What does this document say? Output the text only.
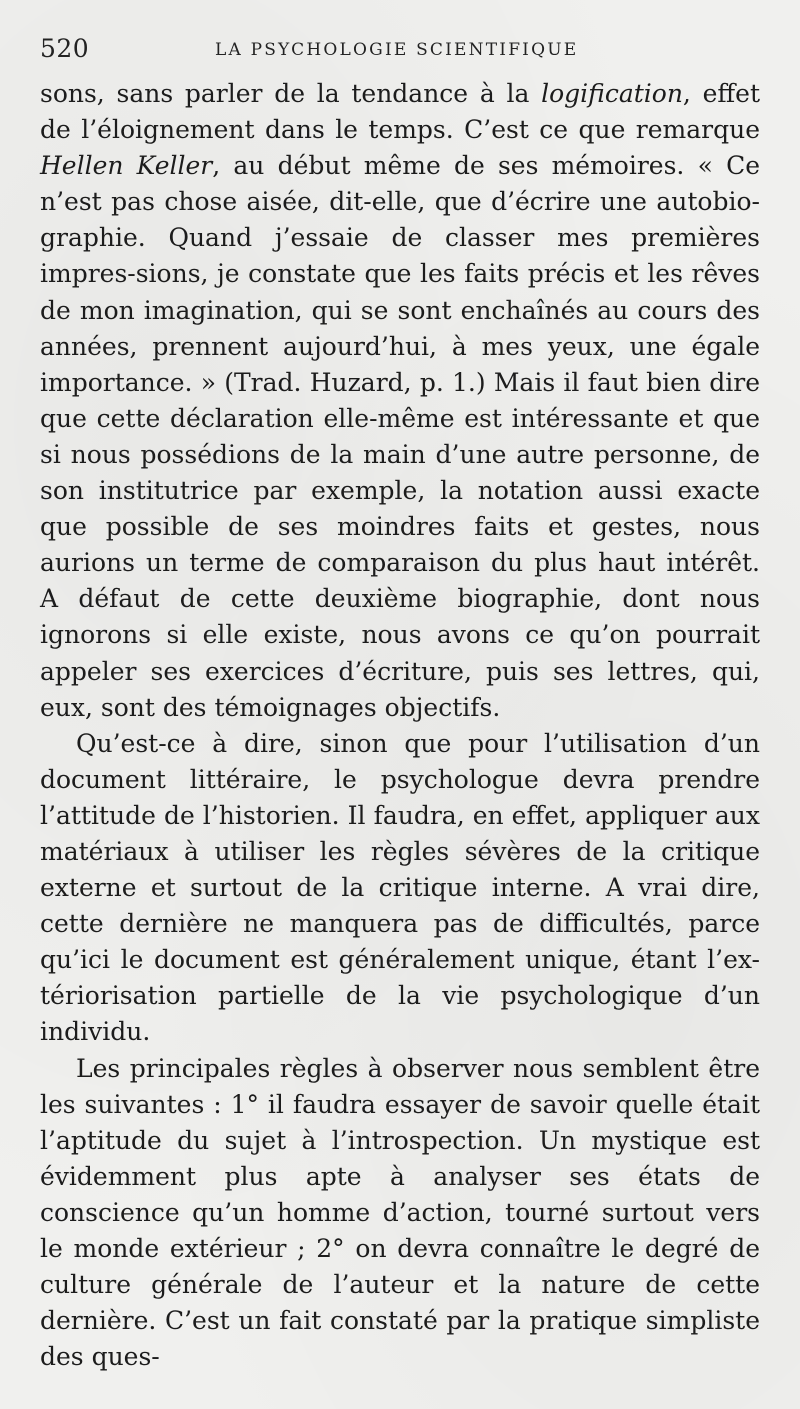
520	LA PSYCHOLOGIE SCIENTIFIQUE

sons, sans parler de la tendance à la logification, effet de l’éloignement dans le temps. C’est ce que remarque Hellen Keller, au début même de ses mémoires. « Ce n’est pas chose aisée, dit-elle, que d’écrire une autobio-graphie. Quand j’essaie de classer mes premières impres-sions, je constate que les faits précis et les rêves de mon imagination, qui se sont enchaînés au cours des années, prennent aujourd’hui, à mes yeux, une égale importance. » (Trad. Huzard, p. 1.) Mais il faut bien dire que cette déclaration elle-même est intéressante et que si nous possédions de la main d’une autre personne, de son institutrice par exemple, la notation aussi exacte que possible de ses moindres faits et gestes, nous aurions un terme de comparaison du plus haut intérêt. A défaut de cette deuxième biographie, dont nous ignorons si elle existe, nous avons ce qu’on pourrait appeler ses exercices d’écriture, puis ses lettres, qui, eux, sont des témoignages objectifs.

Qu’est-ce à dire, sinon que pour l’utilisation d’un document littéraire, le psychologue devra prendre l’attitude de l’historien. Il faudra, en effet, appliquer aux matériaux à utiliser les règles sévères de la critique externe et surtout de la critique interne. A vrai dire, cette dernière ne manquera pas de difficultés, parce qu’ici le document est généralement unique, étant l’ex-tériorisation partielle de la vie psychologique d’un individu.

Les principales règles à observer nous semblent être les suivantes : 1° il faudra essayer de savoir quelle était l’aptitude du sujet à l’introspection. Un mystique est évidemment plus apte à analyser ses états de conscience qu’un homme d’action, tourné surtout vers le monde extérieur ; 2° on devra connaître le degré de culture générale de l’auteur et la nature de cette dernière. C’est un fait constaté par la pratique simpliste des ques-
